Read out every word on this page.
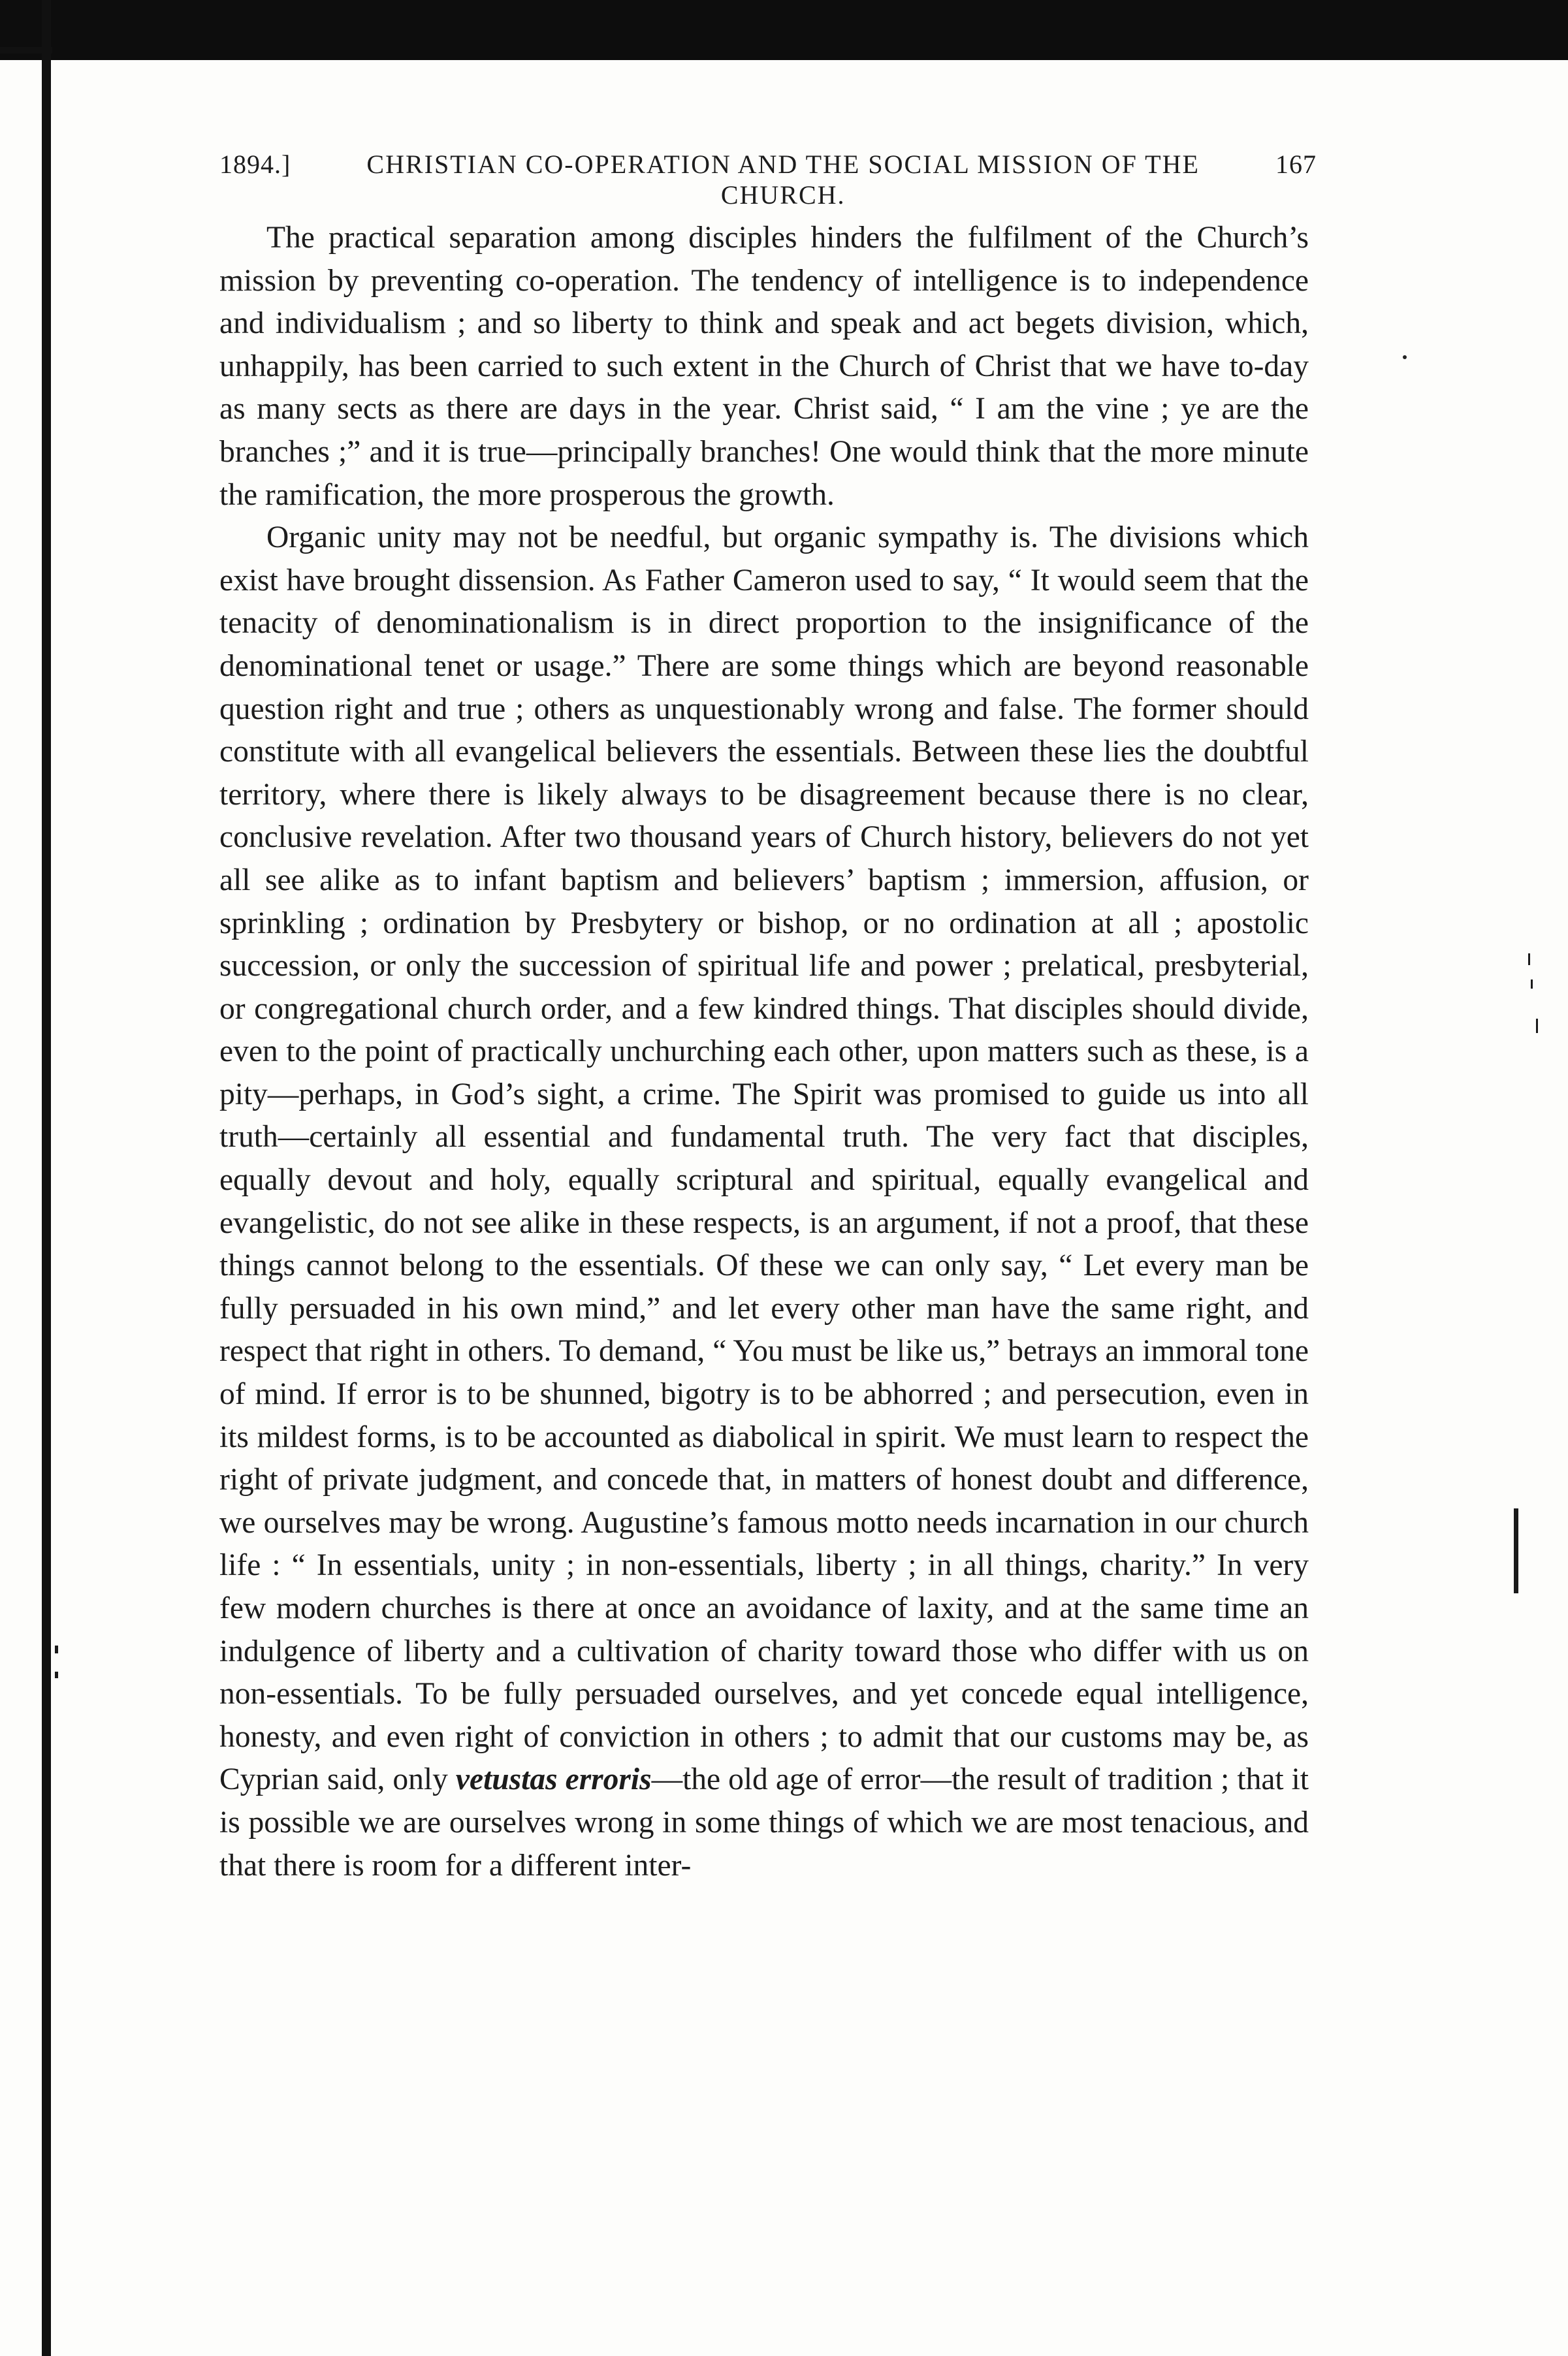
1894.]	CHRISTIAN CO-OPERATION AND THE SOCIAL MISSION OF THE CHURCH.
167

The practical separation among disciples hinders the fulfilment of the Church’s mission by preventing co-operation. The tendency of intelligence is to independence and individualism ; and so liberty to think and speak and act begets division, which, unhappily, has been carried to such extent in the Church of Christ that we have to-day as many sects as there are days in the year. Christ said, “ I am the vine ; ye are the branches ;” and it is true—principally branches! One would think that the more minute the ramification, the more prosperous the growth.

Organic unity may not be needful, but organic sympathy is. The divisions which exist have brought dissension. As Father Cameron used to say, “ It would seem that the tenacity of denominationalism is in direct proportion to the insignificance of the denominational tenet or usage.” There are some things which are beyond reasonable question right and true ; others as unquestionably wrong and false. The former should constitute with all evangelical believers the essentials. Between these lies the doubtful territory, where there is likely always to be disagreement because there is no clear, conclusive revelation. After two thousand years of Church history, believers do not yet all see alike as to infant baptism and believers’ baptism ; immersion, affusion, or sprinkling ; ordination by Presbytery or bishop, or no ordination at all ; apostolic succession, or only the succession of spiritual life and power ; prelatical, presbyterial, or congregational church order, and a few kindred things. That disciples should divide, even to the point of practically unchurching each other, upon matters such as these, is a pity—perhaps, in God’s sight, a crime. The Spirit was promised to guide us into all truth—certainly all essential and fundamental truth. The very fact that disciples, equally devout and holy, equally scriptural and spiritual, equally evangelical and evangelistic, do not see alike in these respects, is an argument, if not a proof, that these things cannot belong to the essentials. Of these we can only say, “ Let every man be fully persuaded in his own mind,” and let every other man have the same right, and respect that right in others. To demand, “ You must be like us,” betrays an immoral tone of mind. If error is to be shunned, bigotry is to be abhorred ; and persecution, even in its mildest forms, is to be accounted as diabolical in spirit. We must learn to respect the right of private judgment, and concede that, in matters of honest doubt and difference, we ourselves may be wrong. Augustine’s famous motto needs incarnation in our church life : “ In essentials, unity ; in non-essentials, liberty ; in all things, charity.” In very few modern churches is there at once an avoidance of laxity, and at the same time an indulgence of liberty and a cultivation of charity toward those who differ with us on non-essentials. To be fully persuaded ourselves, and yet concede equal intelligence, honesty, and even right of conviction in others ; to admit that our customs may be, as Cyprian said, only vetustas erroris—the old age of error—the result of tradition ; that it is possible we are ourselves wrong in some things of which we are most tenacious, and that there is room for a different inter-
